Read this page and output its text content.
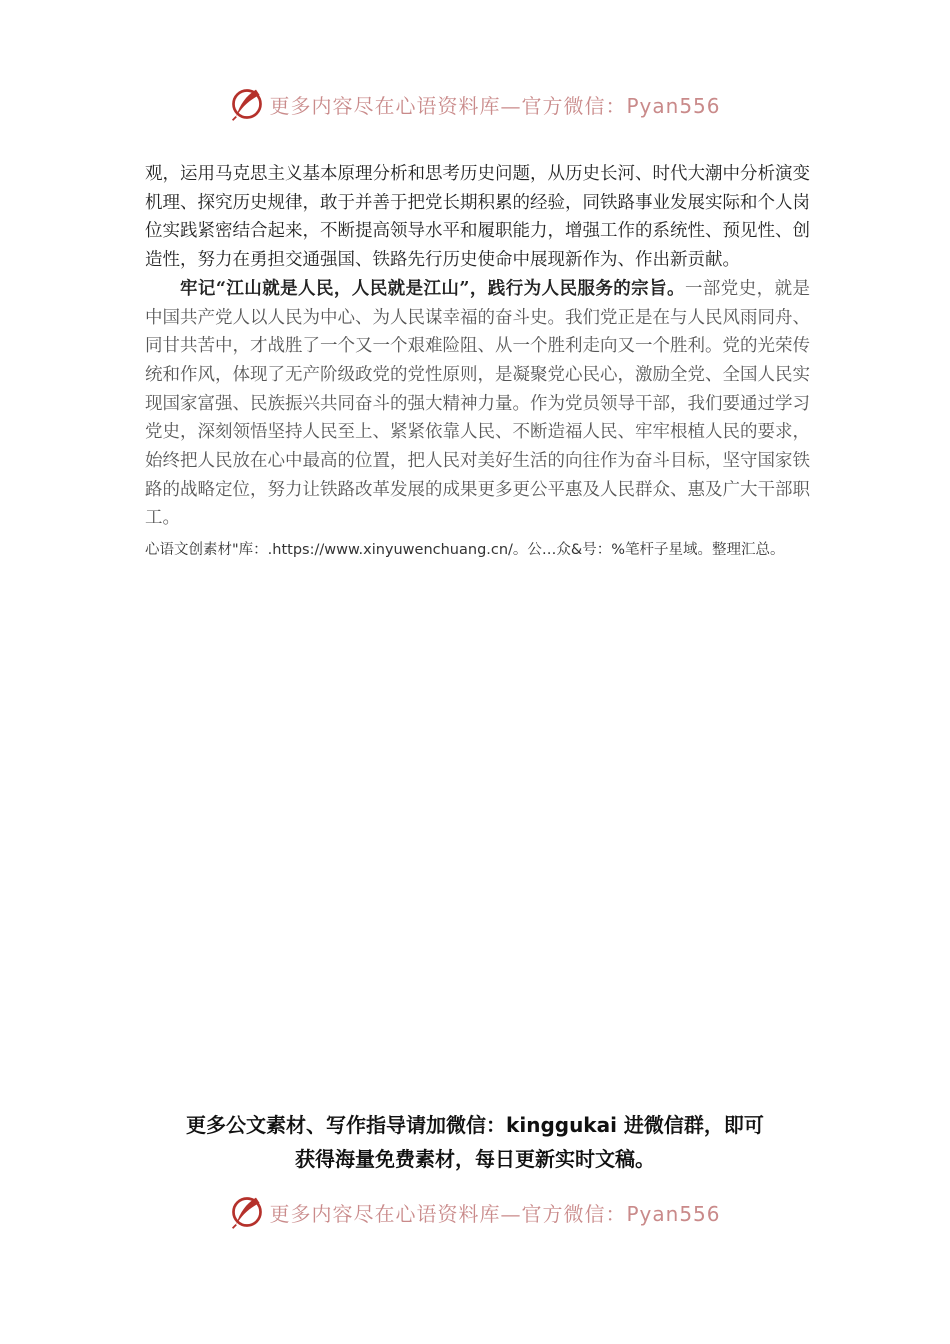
更多内容尽在心语资料库—官方微信：Pyan556

观，运用马克思主义基本原理分析和思考历史问题，从历史长河、时代大潮中分析演变机理、探究历史规律，敢于并善于把党长期积累的经验，同铁路事业发展实际和个人岗位实践紧密结合起来，不断提高领导水平和履职能力，增强工作的系统性、预见性、创造性，努力在勇担交通强国、铁路先行历史使命中展现新作为、作出新贡献。

牢记“江山就是人民，人民就是江山”，践行为人民服务的宗旨。一部党史，就是中国共产党人以人民为中心、为人民谋幸福的奋斗史。我们党正是在与人民风雨同舟、同甘共苦中，才战胜了一个又一个艰难险阻、从一个胜利走向又一个胜利。党的光荣传统和作风，体现了无产阶级政党的党性原则，是凝聚党心民心，激励全党、全国人民实现国家富强、民族振兴共同奋斗的强大精神力量。作为党员领导干部，我们要通过学习党史，深刻领悟坚持人民至上、紧紧依靠人民、不断造福人民、牢牢根植人民的要求，始终把人民放在心中最高的位置，把人民对美好生活的向往作为奋斗目标，坚守国家铁路的战略定位，努力让铁路改革发展的成果更多更公平惠及人民群众、惠及广大干部职工。

心语文创素材"库：.https://www.xinyuwenchuang.cn/。公…众&号：%笔杆子星域。整理汇总。

更多公文素材、写作指导请加微信：kinggukai 进微信群，即可
获得海量免费素材，每日更新实时文稿。
更多内容尽在心语资料库—官方微信：Pyan556
